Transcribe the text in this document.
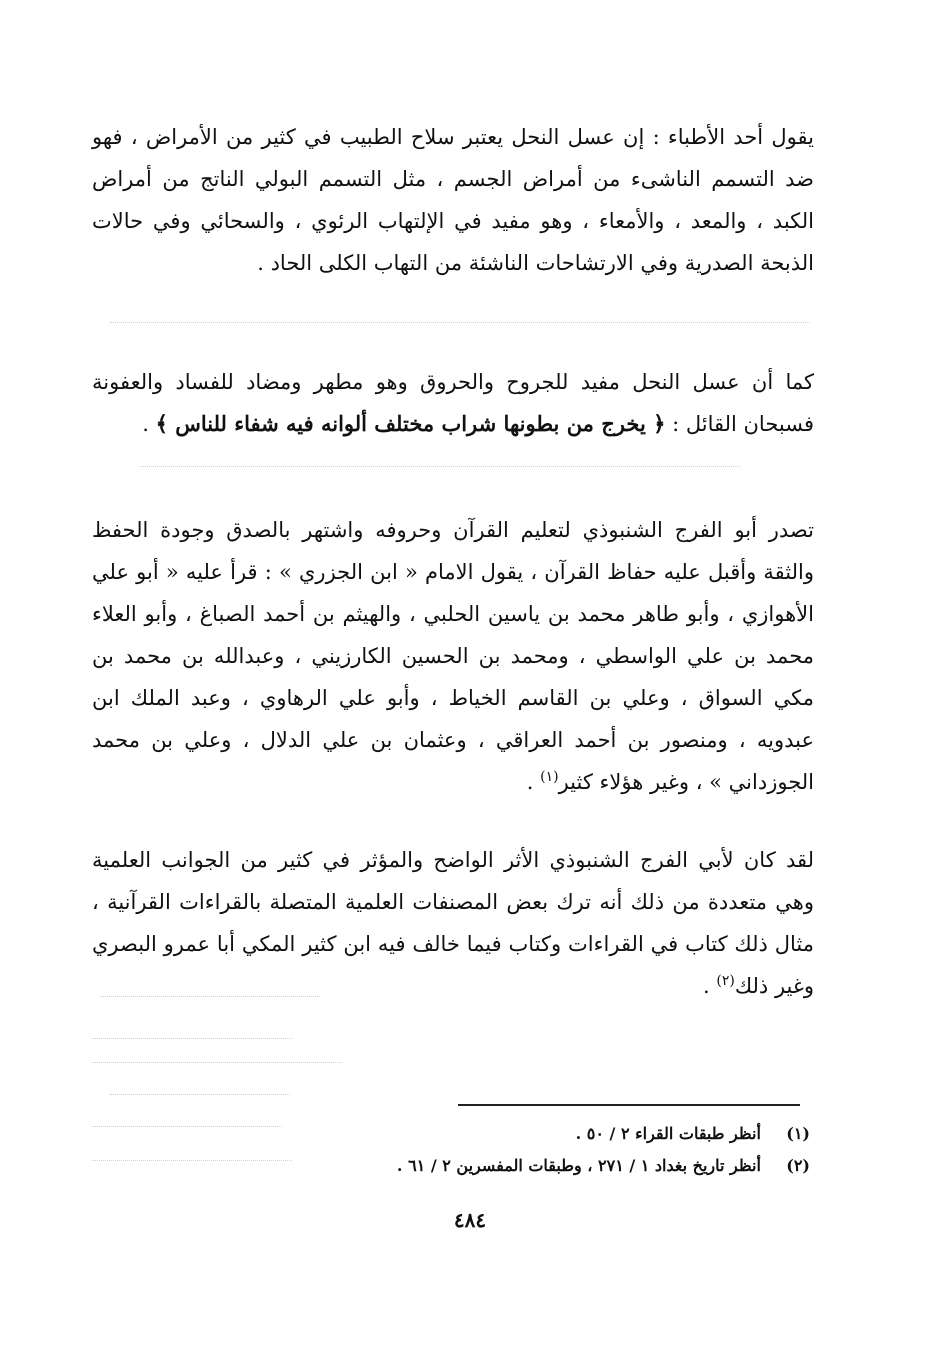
يقول أحد الأطباء : إن عسل النحل يعتبر سلاح الطبيب في كثير من الأمراض ، فهو ضد التسمم الناشىء من أمراض الجسم ، مثل التسمم البولي الناتج من أمراض الكبد ، والمعد ، والأمعاء ، وهو مفيد في الإلتهاب الرئوي ، والسحائي وفي حالات الذبحة الصدرية وفي الارتشاحات الناشئة من التهاب الكلى الحاد .

كما أن عسل النحل مفيد للجروح والحروق وهو مطهر ومضاد للفساد والعفونة فسبحان القائل : ﴿ يخرج من بطونها شراب مختلف ألوانه فيه شفاء للناس ﴾ .

تصدر أبو الفرج الشنبوذي لتعليم القرآن وحروفه واشتهر بالصدق وجودة الحفظ والثقة وأقبل عليه حفاظ القرآن ، يقول الامام « ابن الجزري » : قرأ عليه « أبو علي الأهوازي ، وأبو طاهر محمد بن ياسين الحلبي ، والهيثم بن أحمد الصباغ ، وأبو العلاء محمد بن علي الواسطي ، ومحمد بن الحسين الكارزيني ، وعبدالله بن محمد بن مكي السواق ، وعلي بن القاسم الخياط ، وأبو علي الرهاوي ، وعبد الملك ابن عبدويه ، ومنصور بن أحمد العراقي ، وعثمان بن علي الدلال ، وعلي بن محمد الجوزداني » ، وغير هؤلاء كثير$^{(١)}$ .

لقد كان لأبي الفرج الشنبوذي الأثر الواضح والمؤثر في كثير من الجوانب العلمية وهي متعددة من ذلك أنه ترك بعض المصنفات العلمية المتصلة بالقراءات القرآنية ، مثال ذلك كتاب في القراءات وكتاب فيما خالف فيه ابن كثير المكي أبا عمرو البصري وغير ذلك$^{(٢)}$ .

(١) أنظر طبقات القراء ٢ / ٥٠ .
(٢) أنظر تاريخ بغداد ١ / ٢٧١ ، وطبقات المفسرين ٢ / ٦١ .
٤٨٤
